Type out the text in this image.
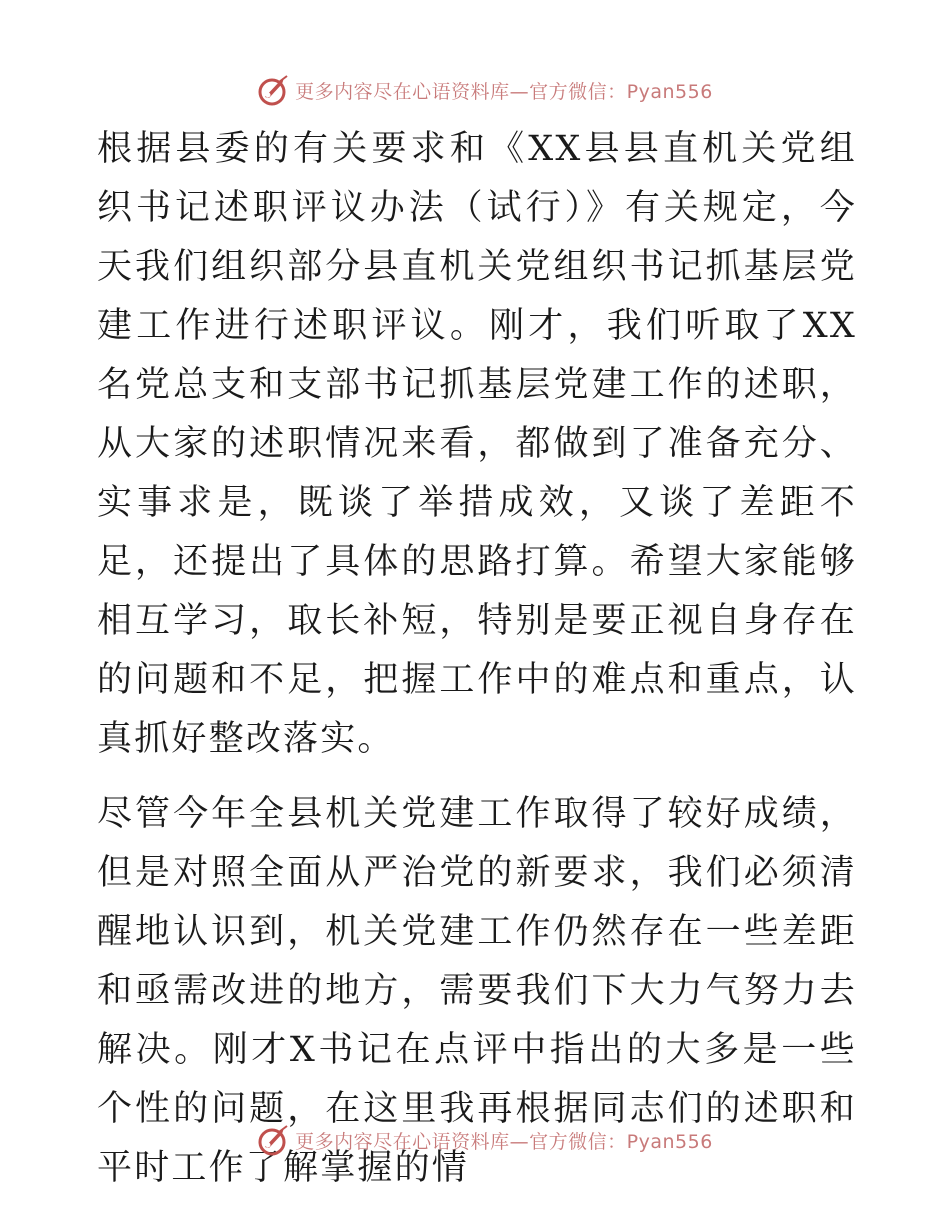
更多内容尽在心语资料库—官方微信：Pyan556

根据县委的有关要求和《XX县县直机关党组织书记述职评议办法（试行）》有关规定，今天我们组织部分县直机关党组织书记抓基层党建工作进行述职评议。刚才，我们听取了XX名党总支和支部书记抓基层党建工作的述职，从大家的述职情况来看，都做到了准备充分、实事求是，既谈了举措成效，又谈了差距不足，还提出了具体的思路打算。希望大家能够相互学习，取长补短，特别是要正视自身存在的问题和不足，把握工作中的难点和重点，认真抓好整改落实。

尽管今年全县机关党建工作取得了较好成绩，但是对照全面从严治党的新要求，我们必须清醒地认识到，机关党建工作仍然存在一些差距和亟需改进的地方，需要我们下大力气努力去解决。刚才X书记在点评中指出的大多是一些个性的问题，在这里我再根据同志们的述职和平时工作了解掌握的情

更多内容尽在心语资料库—官方微信：Pyan556
